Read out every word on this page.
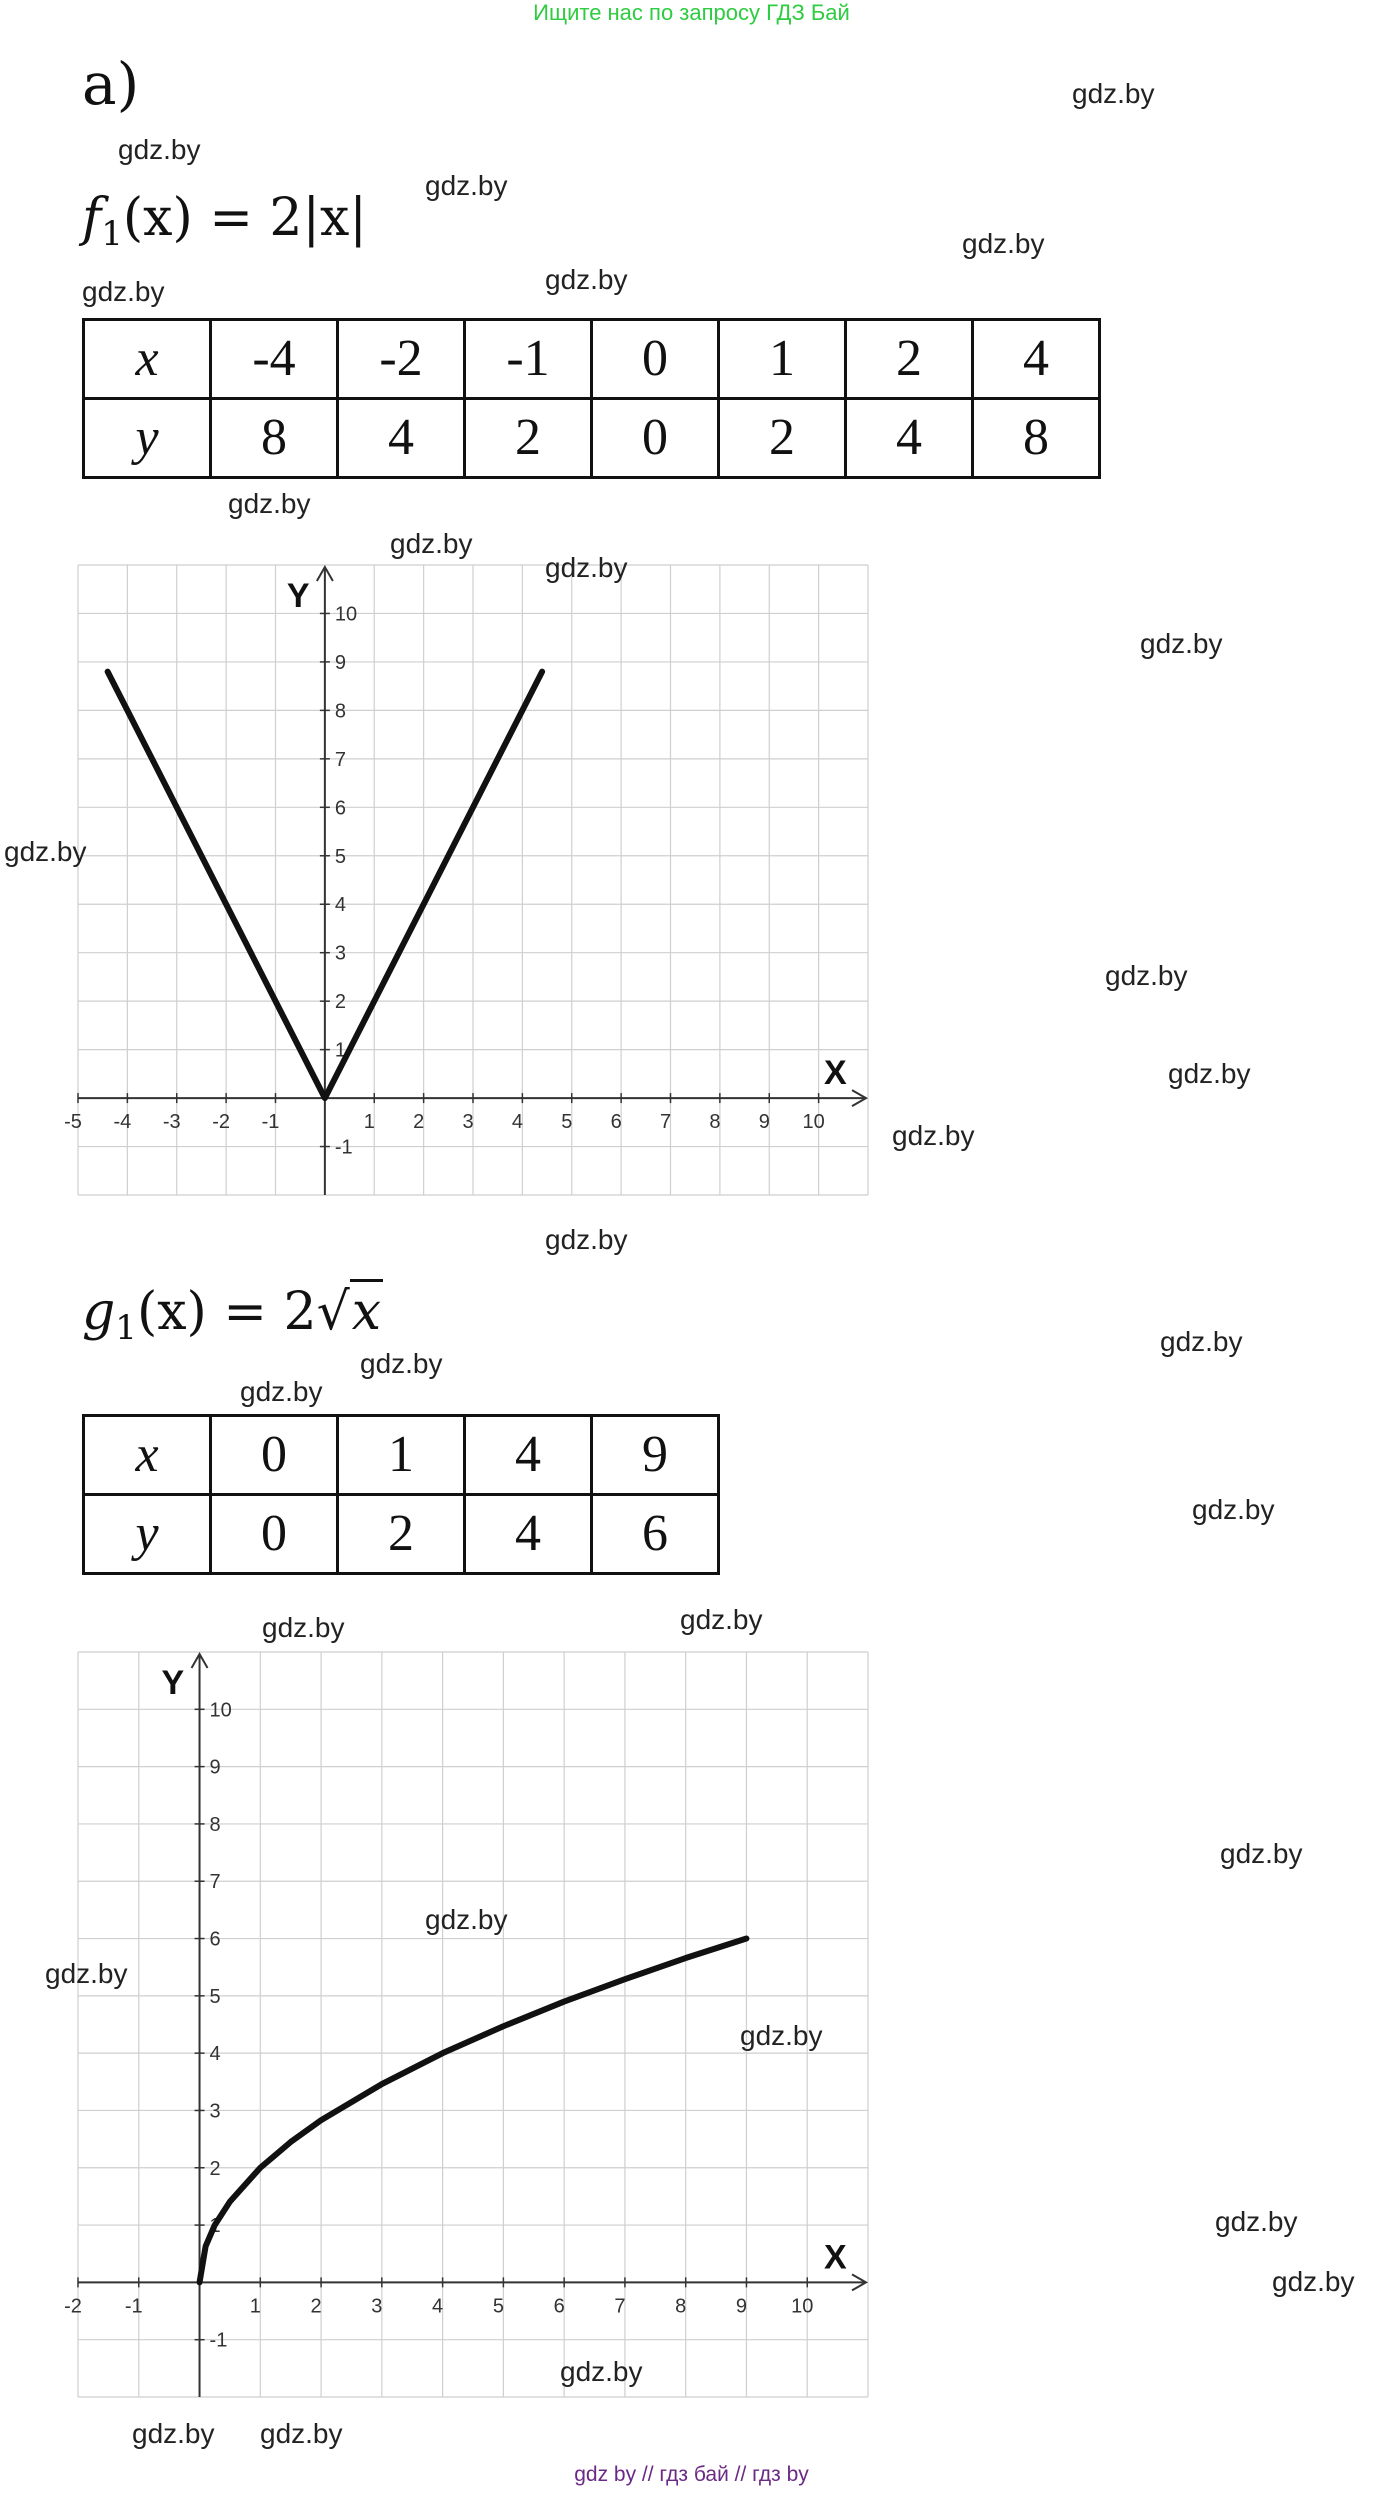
Ищите нас по запросу ГДЗ Бай
а)
$f_1(x) = 2|x|$
x	-4	-2	-1	0	1	2	4
y	8	4	2	0	2	4	8
-5 -4 -3 -2 -1	1 2 3 4 5 6 7 8 9 10
-1
1
2
3
4
5
6
7
8
9
10
X
Y
$g_1(x) = 2√x$
x	0	1	4	9
y	0	2	4	6
-2 -1	1 2 3 4 5 6 7 8 9 10
-1
1
2
3
4
5
6
7
8
9
10
X
Y
gdz.by
gdz.by
gdz.by
gdz.by
gdz.by	gdz.by
gdz.by
gdz.by
gdz.by
gdz.by
gdz.by
gdz.by
gdz.by
gdz.by
gdz.by
gdz.by
gdz.by
gdz.by
gdz.by
gdz.by
gdz.by
gdz.by
gdz.by
gdz.by
gdz.by
gdz.by
gdz.by
gdz.by
gdz.by gdz.by
gdz by // гдз бай // гдз by
